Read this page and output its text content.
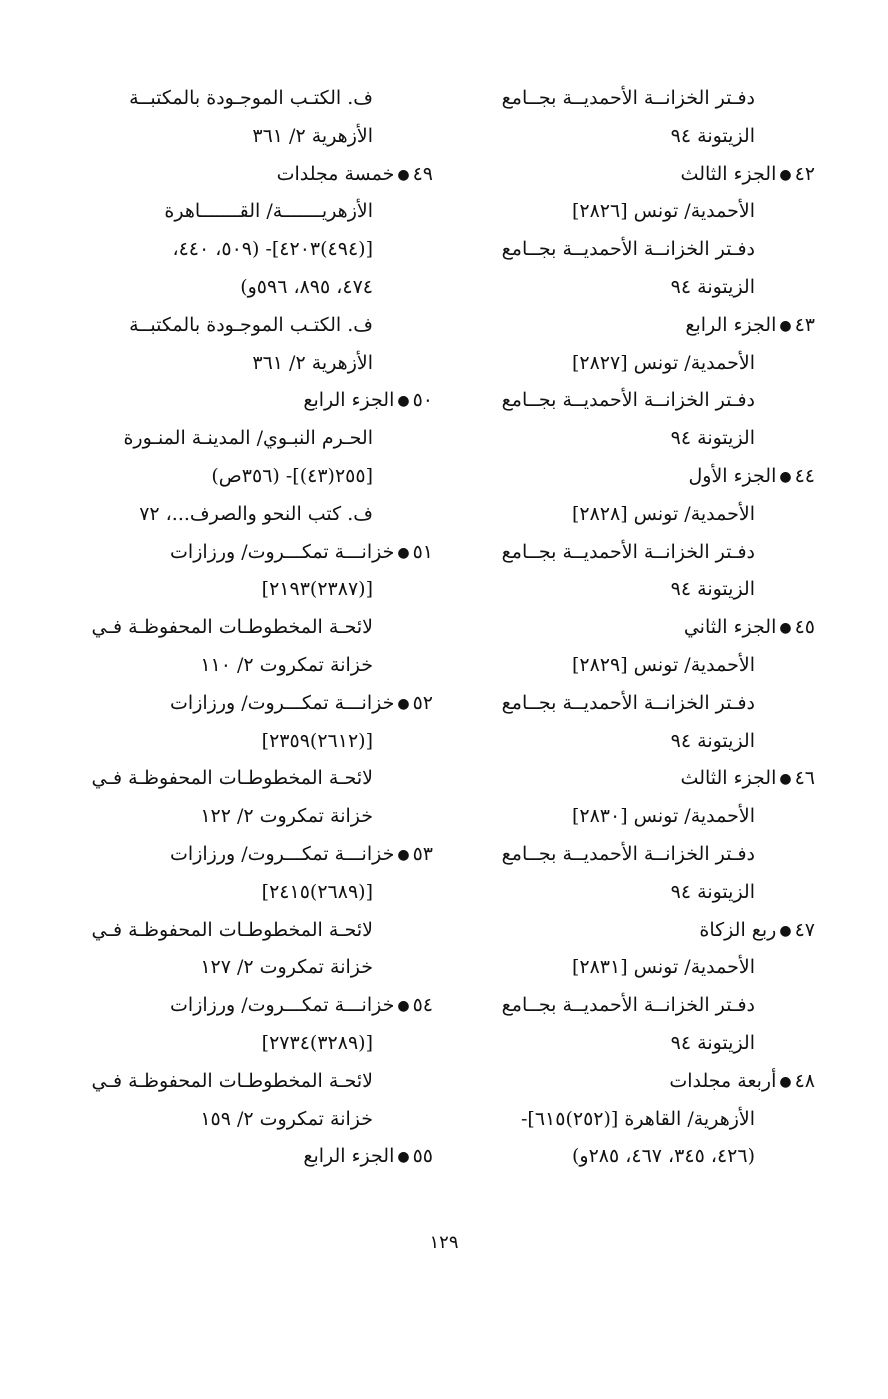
دفـتر الخزانــة الأحمديــة بجــامع
الزيتونة ٩٤
٤٢● الجزء الثالث
الأحمدية/ تونس [٢٨٢٦]
دفـتر الخزانــة الأحمديــة بجــامع
الزيتونة ٩٤
٤٣● الجزء الرابع
الأحمدية/ تونس [٢٨٢٧]
دفـتر الخزانــة الأحمديــة بجــامع
الزيتونة ٩٤
٤٤● الجزء الأول
الأحمدية/ تونس [٢٨٢٨]
دفـتر الخزانــة الأحمديــة بجــامع
الزيتونة ٩٤
٤٥● الجزء الثاني
الأحمدية/ تونس [٢٨٢٩]
دفـتر الخزانــة الأحمديــة بجــامع
الزيتونة ٩٤
٤٦● الجزء الثالث
الأحمدية/ تونس [٢٨٣٠]
دفـتر الخزانــة الأحمديــة بجــامع
الزيتونة ٩٤
٤٧● ربع الزكاة
الأحمدية/ تونس [٢٨٣١]
دفـتر الخزانــة الأحمديــة بجــامع
الزيتونة ٩٤
٤٨● أربعة مجلدات
الأزهرية/ القاهرة [(٢٥٢)٦١٥]-
(٤٢٦، ٣٤٥، ٤٦٧، ٢٨٥و)
ف. الكتـب الموجـودة بالمكتبــة
الأزهرية ٢/ ٣٦١
٤٩● خمسة مجلدات
الأزهريـــــــة/ القـــــــاهرة
[(٤٩٤)٤٢٠٣]- (٥٠٩، ٤٤٠،
٤٧٤، ٨٩٥، ٥٩٦و)
ف. الكتـب الموجـودة بالمكتبــة
الأزهرية ٢/ ٣٦١
٥٠● الجزء الرابع
الحـرم النبـوي/ المدينـة المنـورة
[٢٥٥(٤٣)]- (٣٥٦ص)
ف. كتب النحو والصرف...، ٧٢
٥١● خزانـــة تمكـــروت/ ورزازات
[(٢٣٨٧)٢١٩٣]
لائحـة المخطوطـات المحفوظـة فـي
خزانة تمكروت ٢/ ١١٠
٥٢● خزانـــة تمكـــروت/ ورزازات
[(٢٦١٢)٢٣٥٩]
لائحـة المخطوطـات المحفوظـة فـي
خزانة تمكروت ٢/ ١٢٢
٥٣● خزانـــة تمكـــروت/ ورزازات
[(٢٦٨٩)٢٤١٥]
لائحـة المخطوطـات المحفوظـة فـي
خزانة تمكروت ٢/ ١٢٧
٥٤● خزانـــة تمكـــروت/ ورزازات
[(٣٢٨٩)٢٧٣٤]
لائحـة المخطوطـات المحفوظـة فـي
خزانة تمكروت ٢/ ١٥٩
٥٥● الجزء الرابع
١٢٩
